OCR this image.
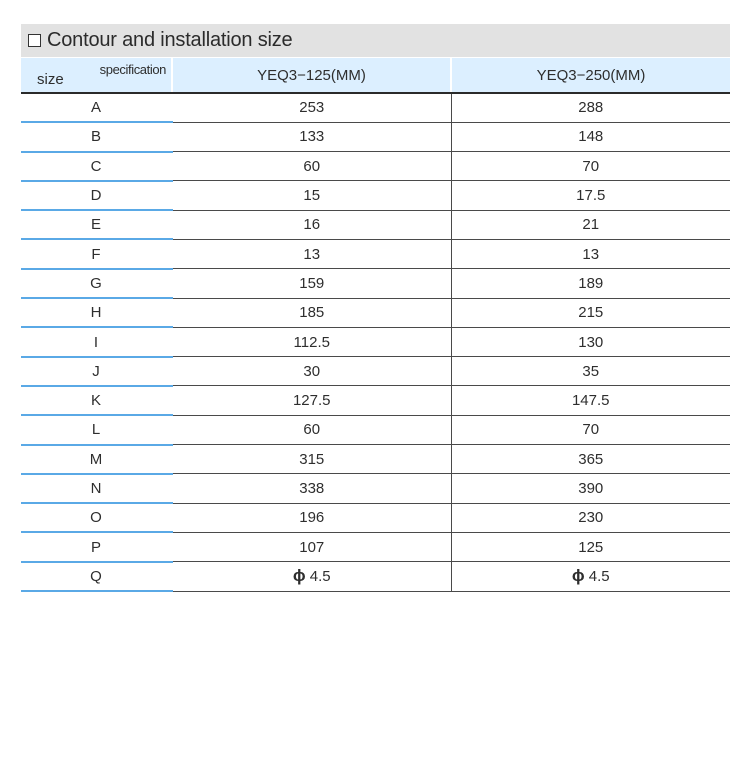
Contour and installation size
specification
size	YEQ3−125(MM)	YEQ3−250(MM)
A	253	288
B	133	148
C	60	70
D	15	17.5
E	16	21
F	13	13
G	159	189
H	185	215
I	112.5	130
J	30	35
K	127.5	147.5
L	60	70
M	315	365
N	338	390
O	196	230
P	107	125
Q	ϕ 4.5	ϕ 4.5
